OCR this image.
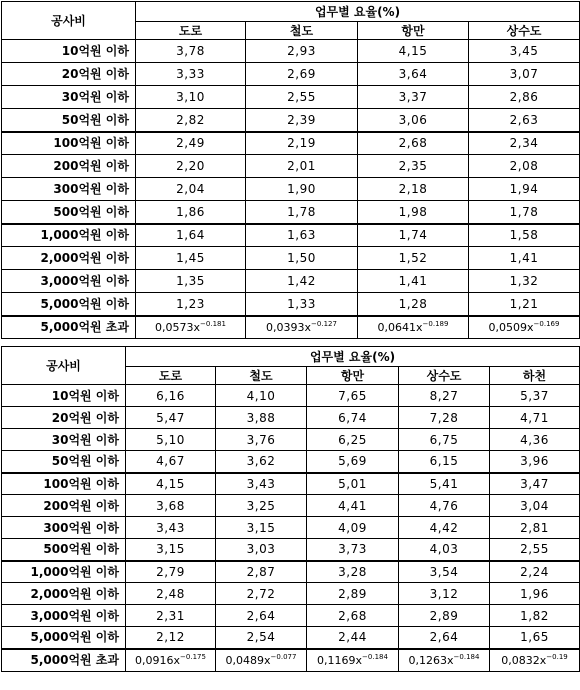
공사비	업무별 요율(%)			
	도로	철도	항만	상수도
10억원 이하	3,78	2,93	4,15	3,45
20억원 이하	3,33	2,69	3,64	3,07
30억원 이하	3,10	2,55	3,37	2,86
50억원 이하	2,82	2,39	3,06	2,63
100억원 이하	2,49	2,19	2,68	2,34
200억원 이하	2,20	2,01	2,35	2,08
300억원 이하	2,04	1,90	2,18	1,94
500억원 이하	1,86	1,78	1,98	1,78
1,000억원 이하	1,64	1,63	1,74	1,58
2,000억원 이하	1,45	1,50	1,52	1,41
3,000억원 이하	1,35	1,42	1,41	1,32
5,000억원 이하	1,23	1,33	1,28	1,21
5,000억원 초과	$0,0573x^{-0.181}$	$0,0393x^{-0.127}$	$0,0641x^{-0.189}$	$0,0509x^{-0.169}$
공사비	업무별 요율(%)				
	도로	철도	항만	상수도	하천
10억원 이하	6,16	4,10	7,65	8,27	5,37
20억원 이하	5,47	3,88	6,74	7,28	4,71
30억원 이하	5,10	3,76	6,25	6,75	4,36
50억원 이하	4,67	3,62	5,69	6,15	3,96
100억원 이하	4,15	3,43	5,01	5,41	3,47
200억원 이하	3,68	3,25	4,41	4,76	3,04
300억원 이하	3,43	3,15	4,09	4,42	2,81
500억원 이하	3,15	3,03	3,73	4,03	2,55
1,000억원 이하	2,79	2,87	3,28	3,54	2,24
2,000억원 이하	2,48	2,72	2,89	3,12	1,96
3,000억원 이하	2,31	2,64	2,68	2,89	1,82
5,000억원 이하	2,12	2,54	2,44	2,64	1,65
5,000억원 초과	$0,0916x^{-0.175}$	$0,0489x^{-0.077}$	$0,1169x^{-0.184}$	$0,1263x^{-0.184}$	$0,0832x^{-0.19}$
